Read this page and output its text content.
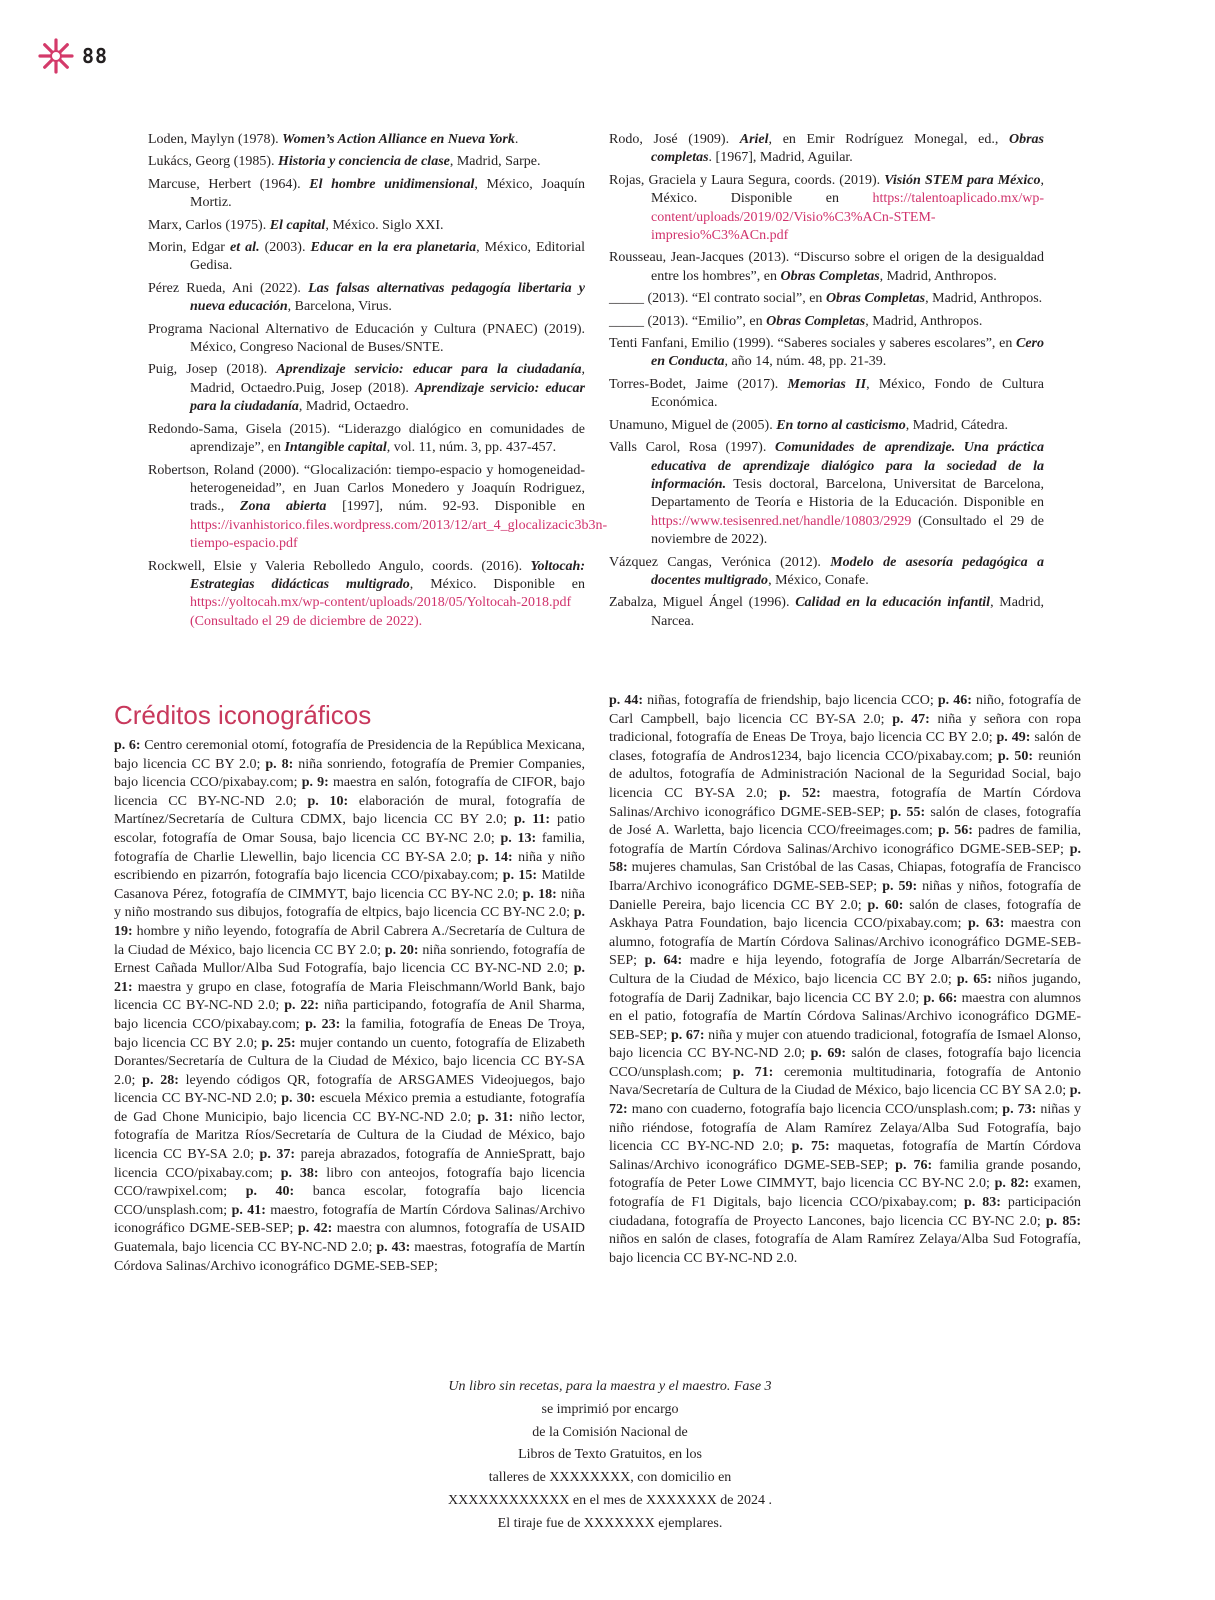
88

Loden, Maylyn (1978). Women’s Action Alliance en Nueva York.

Lukács, Georg (1985). Historia y conciencia de clase, Madrid, Sarpe.

Marcuse, Herbert (1964). El hombre unidimensional, México, Joaquín Mortiz.

Marx, Carlos (1975). El capital, México. Siglo XXI.

Morin, Edgar et al. (2003). Educar en la era planetaria, México, Editorial Gedisa.

Pérez Rueda, Ani (2022). Las falsas alternativas pedagogía libertaria y nueva educación, Barcelona, Virus.

Programa Nacional Alternativo de Educación y Cultura (PNAEC) (2019). México, Congreso Nacional de Buses/SNTE.

Puig, Josep (2018). Aprendizaje servicio: educar para la ciudadanía, Madrid, Octaedro.Puig, Josep (2018). Aprendizaje servicio: educar para la ciudadanía, Madrid, Octaedro.

Redondo-Sama, Gisela (2015). “Liderazgo dialógico en comunidades de aprendizaje”, en Intangible capital, vol. 11, núm. 3, pp. 437-457.

Robertson, Roland (2000). “Glocalización: tiempo-espacio y homogeneidad-heterogeneidad”, en Juan Carlos Monedero y Joaquín Rodriguez, trads., Zona abierta [1997], núm. 92-93. Disponible en https://ivanhistorico.files.wordpress.com/2013/12/art_4_glocalizacic3b3n-tiempo-espacio.pdf

Rockwell, Elsie y Valeria Rebolledo Angulo, coords. (2016). Yoltocah: Estrategias didácticas multigrado, México. Disponible en https://yoltocah.mx/wp-content/uploads/2018/05/Yoltocah-2018.pdf (Consultado el 29 de diciembre de 2022).

Rodo, José (1909). Ariel, en Emir Rodríguez Monegal, ed., Obras completas. [1967], Madrid, Aguilar.

Rojas, Graciela y Laura Segura, coords. (2019). Visión STEM para México, México. Disponible en https://talentoaplicado.mx/wp-content/uploads/2019/02/Visio%C3%ACn-STEM-impresio%C3%ACn.pdf

Rousseau, Jean-Jacques (2013). “Discurso sobre el origen de la desigualdad entre los hombres”, en Obras Completas, Madrid, Anthropos.

_____ (2013). “El contrato social”, en Obras Completas, Madrid, Anthropos.

_____ (2013). “Emilio”, en Obras Completas, Madrid, Anthropos.

Tenti Fanfani, Emilio (1999). “Saberes sociales y saberes escolares”, en Cero en Conducta, año 14, núm. 48, pp. 21-39.

Torres-Bodet, Jaime (2017). Memorias II, México, Fondo de Cultura Económica.

Unamuno, Miguel de (2005). En torno al casticismo, Madrid, Cátedra.

Valls Carol, Rosa (1997). Comunidades de aprendizaje. Una práctica educativa de aprendizaje dialógico para la sociedad de la información. Tesis doctoral, Barcelona, Universitat de Barcelona, Departamento de Teoría e Historia de la Educación. Disponible en https://www.tesisenred.net/handle/10803/2929 (Consultado el 29 de noviembre de 2022).

Vázquez Cangas, Verónica (2012). Modelo de asesoría pedagógica a docentes multigrado, México, Conafe.

Zabalza, Miguel Ángel (1996). Calidad en la educación infantil, Madrid, Narcea.

Créditos iconográficos

p. 6: Centro ceremonial otomí, fotografía de Presidencia de la República Mexicana, bajo licencia CC BY 2.0; p. 8: niña sonriendo, fotografía de Premier Companies, bajo licencia CCO/pixabay.com; p. 9: maestra en salón, fotografía de CIFOR, bajo licencia CC BY-NC-ND 2.0; p. 10: elaboración de mural, fotografía de Martínez/Secretaría de Cultura CDMX, bajo licencia CC BY 2.0; p. 11: patio escolar, fotografía de Omar Sousa, bajo licencia CC BY-NC 2.0; p. 13: familia, fotografía de Charlie Llewellin, bajo licencia CC BY-SA 2.0; p. 14: niña y niño escribiendo en pizarrón, fotografía bajo licencia CCO/pixabay.com; p. 15: Matilde Casanova Pérez, fotografía de CIMMYT, bajo licencia CC BY-NC 2.0; p. 18: niña y niño mostrando sus dibujos, fotografía de eltpics, bajo licencia CC BY-NC 2.0; p. 19: hombre y niño leyendo, fotografía de Abril Cabrera A./Secretaría de Cultura de la Ciudad de México, bajo licencia CC BY 2.0; p. 20: niña sonriendo, fotografía de Ernest Cañada Mullor/Alba Sud Fotografía, bajo licencia CC BY-NC-ND 2.0; p. 21: maestra y grupo en clase, fotografía de Maria Fleischmann/World Bank, bajo licencia CC BY-NC-ND 2.0; p. 22: niña participando, fotografía de Anil Sharma, bajo licencia CCO/pixabay.com; p. 23: la familia, fotografía de Eneas De Troya, bajo licencia CC BY 2.0; p. 25: mujer contando un cuento, fotografía de Elizabeth Dorantes/Secretaría de Cultura de la Ciudad de México, bajo licencia CC BY-SA 2.0; p. 28: leyendo códigos QR, fotografía de ARSGAMES Videojuegos, bajo licencia CC BY-NC-ND 2.0; p. 30: escuela México premia a estudiante, fotografía de Gad Chone Municipio, bajo licencia CC BY-NC-ND 2.0; p. 31: niño lector, fotografía de Maritza Ríos/Secretaría de Cultura de la Ciudad de México, bajo licencia CC BY-SA 2.0; p. 37: pareja abrazados, fotografía de AnnieSpratt, bajo licencia CCO/pixabay.com; p. 38: libro con anteojos, fotografía bajo licencia CCO/rawpixel.com; p. 40: banca escolar, fotografía bajo licencia CCO/unsplash.com; p. 41: maestro, fotografía de Martín Córdova Salinas/Archivo iconográfico DGME-SEB-SEP; p. 42: maestra con alumnos, fotografía de USAID Guatemala, bajo licencia CC BY-NC-ND 2.0; p. 43: maestras, fotografía de Martín Córdova Salinas/Archivo iconográfico DGME-SEB-SEP;

p. 44: niñas, fotografía de friendship, bajo licencia CCO; p. 46: niño, fotografía de Carl Campbell, bajo licencia CC BY-SA 2.0; p. 47: niña y señora con ropa tradicional, fotografía de Eneas De Troya, bajo licencia CC BY 2.0; p. 49: salón de clases, fotografía de Andros1234, bajo licencia CCO/pixabay.com; p. 50: reunión de adultos, fotografía de Administración Nacional de la Seguridad Social, bajo licencia CC BY-SA 2.0; p. 52: maestra, fotografía de Martín Córdova Salinas/Archivo iconográfico DGME-SEB-SEP; p. 55: salón de clases, fotografía de José A. Warletta, bajo licencia CCO/freeimages.com; p. 56: padres de familia, fotografía de Martín Córdova Salinas/Archivo iconográfico DGME-SEB-SEP; p. 58: mujeres chamulas, San Cristóbal de las Casas, Chiapas, fotografía de Francisco Ibarra/Archivo iconográfico DGME-SEB-SEP; p. 59: niñas y niños, fotografía de Danielle Pereira, bajo licencia CC BY 2.0; p. 60: salón de clases, fotografía de Askhaya Patra Foundation, bajo licencia CCO/pixabay.com; p. 63: maestra con alumno, fotografía de Martín Córdova Salinas/Archivo iconográfico DGME-SEB-SEP; p. 64: madre e hija leyendo, fotografía de Jorge Albarrán/Secretaría de Cultura de la Ciudad de México, bajo licencia CC BY 2.0; p. 65: niños jugando, fotografía de Darij Zadnikar, bajo licencia CC BY 2.0; p. 66: maestra con alumnos en el patio, fotografía de Martín Córdova Salinas/Archivo iconográfico DGME-SEB-SEP; p. 67: niña y mujer con atuendo tradicional, fotografía de Ismael Alonso, bajo licencia CC BY-NC-ND 2.0; p. 69: salón de clases, fotografía bajo licencia CCO/unsplash.com; p. 71: ceremonia multitudinaria, fotografía de Antonio Nava/Secretaría de Cultura de la Ciudad de México, bajo licencia CC BY SA 2.0; p. 72: mano con cuaderno, fotografía bajo licencia CCO/unsplash.com; p. 73: niñas y niño riéndose, fotografía de Alam Ramírez Zelaya/Alba Sud Fotografía, bajo licencia CC BY-NC-ND 2.0; p. 75: maquetas, fotografía de Martín Córdova Salinas/Archivo iconográfico DGME-SEB-SEP; p. 76: familia grande posando, fotografía de Peter Lowe CIMMYT, bajo licencia CC BY-NC 2.0; p. 82: examen, fotografía de F1 Digitals, bajo licencia CCO/pixabay.com; p. 83: participación ciudadana, fotografía de Proyecto Lancones, bajo licencia CC BY-NC 2.0; p. 85: niños en salón de clases, fotografía de Alam Ramírez Zelaya/Alba Sud Fotografía, bajo licencia CC BY-NC-ND 2.0.

Un libro sin recetas, para la maestra y el maestro. Fase 3
se imprimió por encargo
de la Comisión Nacional de
Libros de Texto Gratuitos, en los
talleres de XXXXXXXX, con domicilio en
XXXXXXXXXXXX en el mes de XXXXXXX de 2024 .
El tiraje fue de XXXXXXX ejemplares.
